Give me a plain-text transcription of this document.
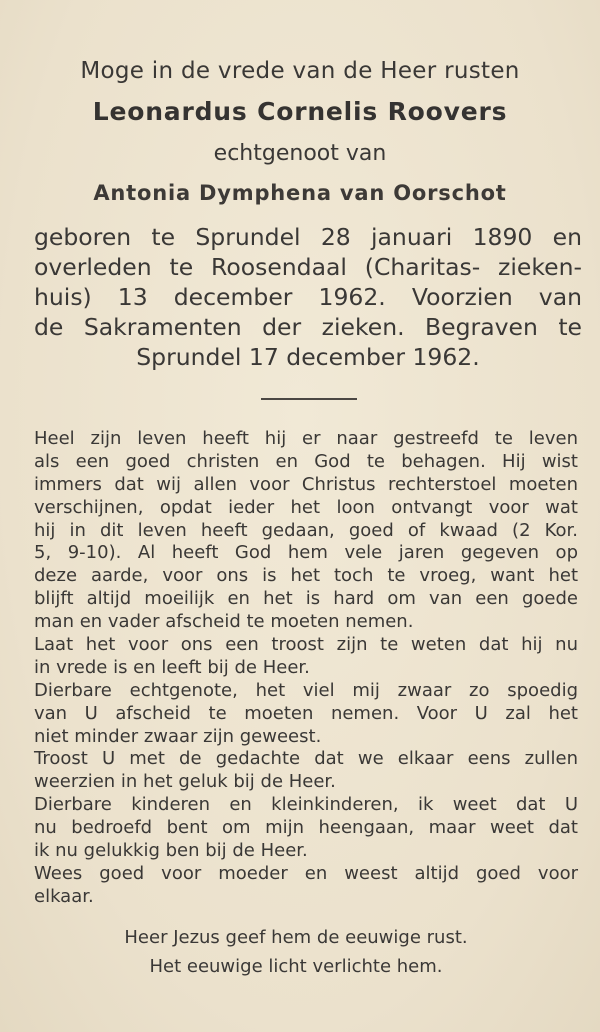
Moge in de vrede van de Heer rusten

Leonardus Cornelis Roovers

echtgenoot van

Antonia Dymphena van Oorschot

geboren te Sprundel 28 januari 1890 en
overleden te Roosendaal (Charitas- zieken-
huis) 13 december 1962. Voorzien van
de Sakramenten der zieken. Begraven te
Sprundel 17 december 1962.
Heel zijn leven heeft hij er naar gestreefd te leven
als een goed christen en God te behagen. Hij wist
immers dat wij allen voor Christus rechterstoel moeten
verschijnen, opdat ieder het loon ontvangt voor wat
hij in dit leven heeft gedaan, goed of kwaad (2 Kor.
5, 9-10). Al heeft God hem vele jaren gegeven op
deze aarde, voor ons is het toch te vroeg, want het
blijft altijd moeilijk en het is hard om van een goede
man en vader afscheid te moeten nemen.
Laat het voor ons een troost zijn te weten dat hij nu
in vrede is en leeft bij de Heer.
Dierbare echtgenote, het viel mij zwaar zo spoedig
van U afscheid te moeten nemen. Voor U zal het
niet minder zwaar zijn geweest.
Troost U met de gedachte dat we elkaar eens zullen
weerzien in het geluk bij de Heer.
Dierbare kinderen en kleinkinderen, ik weet dat U
nu bedroefd bent om mijn heengaan, maar weet dat
ik nu gelukkig ben bij de Heer.
Wees goed voor moeder en weest altijd goed voor
elkaar.
Heer Jezus geef hem de eeuwige rust.
Het eeuwige licht verlichte hem.
